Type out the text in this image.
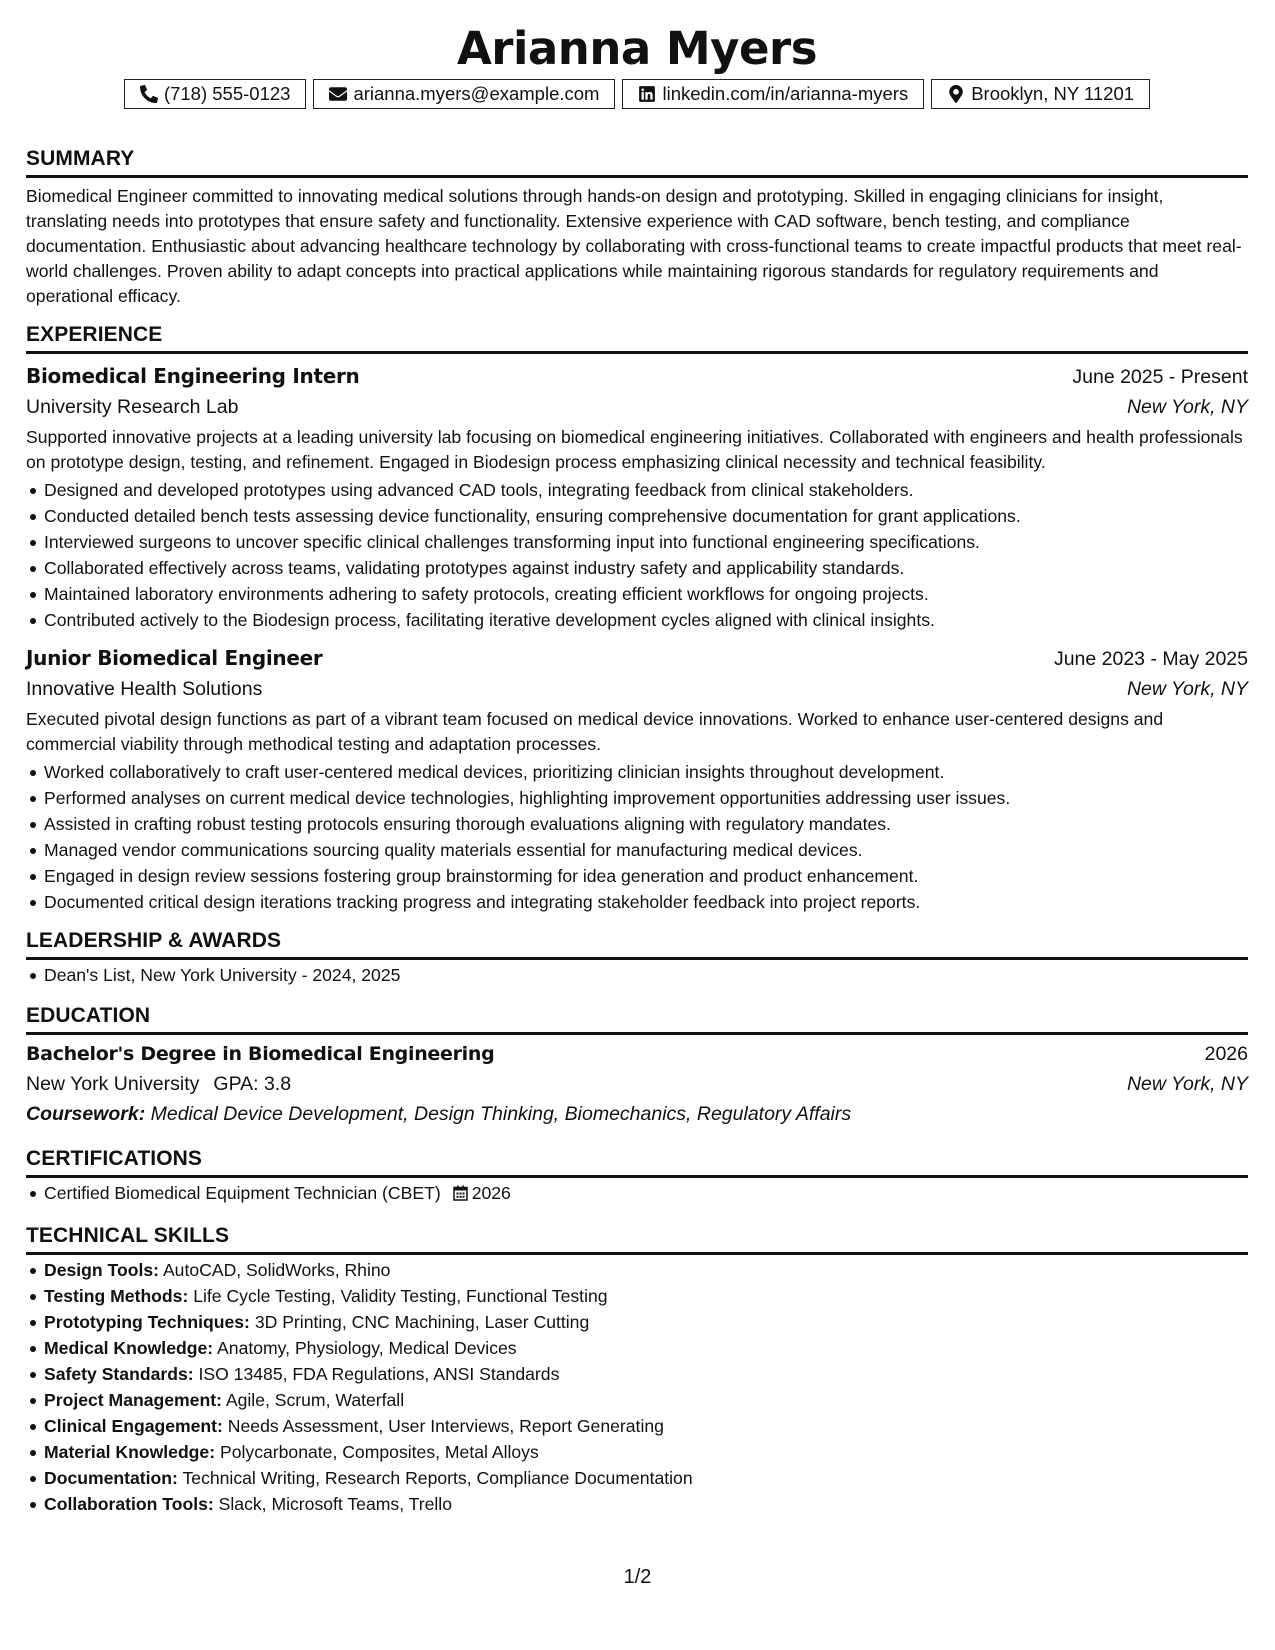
Arianna Myers
(718) 555-0123	arianna.myers@example.com	linkedin.com/in/arianna-myers	Brooklyn, NY 11201
SUMMARY
Biomedical Engineer committed to innovating medical solutions through hands-on design and prototyping. Skilled in engaging clinicians for insight, translating needs into prototypes that ensure safety and functionality. Extensive experience with CAD software, bench testing, and compliance documentation. Enthusiastic about advancing healthcare technology by collaborating with cross-functional teams to create impactful products that meet real-world challenges. Proven ability to adapt concepts into practical applications while maintaining rigorous standards for regulatory requirements and operational efficacy.
EXPERIENCE
Biomedical Engineering Intern	June 2025 - Present
University Research Lab	New York, NY
Supported innovative projects at a leading university lab focusing on biomedical engineering initiatives. Collaborated with engineers and health professionals on prototype design, testing, and refinement. Engaged in Biodesign process emphasizing clinical necessity and technical feasibility.
Designed and developed prototypes using advanced CAD tools, integrating feedback from clinical stakeholders.
Conducted detailed bench tests assessing device functionality, ensuring comprehensive documentation for grant applications.
Interviewed surgeons to uncover specific clinical challenges transforming input into functional engineering specifications.
Collaborated effectively across teams, validating prototypes against industry safety and applicability standards.
Maintained laboratory environments adhering to safety protocols, creating efficient workflows for ongoing projects.
Contributed actively to the Biodesign process, facilitating iterative development cycles aligned with clinical insights.
Junior Biomedical Engineer	June 2023 - May 2025
Innovative Health Solutions	New York, NY
Executed pivotal design functions as part of a vibrant team focused on medical device innovations. Worked to enhance user-centered designs and commercial viability through methodical testing and adaptation processes.
Worked collaboratively to craft user-centered medical devices, prioritizing clinician insights throughout development.
Performed analyses on current medical device technologies, highlighting improvement opportunities addressing user issues.
Assisted in crafting robust testing protocols ensuring thorough evaluations aligning with regulatory mandates.
Managed vendor communications sourcing quality materials essential for manufacturing medical devices.
Engaged in design review sessions fostering group brainstorming for idea generation and product enhancement.
Documented critical design iterations tracking progress and integrating stakeholder feedback into project reports.
LEADERSHIP & AWARDS
Dean's List, New York University - 2024, 2025
EDUCATION
Bachelor's Degree in Biomedical Engineering	2026
New York University GPA: 3.8	New York, NY
Coursework: Medical Device Development, Design Thinking, Biomechanics, Regulatory Affairs
CERTIFICATIONS
Certified Biomedical Equipment Technician (CBET) 2026
TECHNICAL SKILLS
Design Tools: AutoCAD, SolidWorks, Rhino
Testing Methods: Life Cycle Testing, Validity Testing, Functional Testing
Prototyping Techniques: 3D Printing, CNC Machining, Laser Cutting
Medical Knowledge: Anatomy, Physiology, Medical Devices
Safety Standards: ISO 13485, FDA Regulations, ANSI Standards
Project Management: Agile, Scrum, Waterfall
Clinical Engagement: Needs Assessment, User Interviews, Report Generating
Material Knowledge: Polycarbonate, Composites, Metal Alloys
Documentation: Technical Writing, Research Reports, Compliance Documentation
Collaboration Tools: Slack, Microsoft Teams, Trello
1/2
